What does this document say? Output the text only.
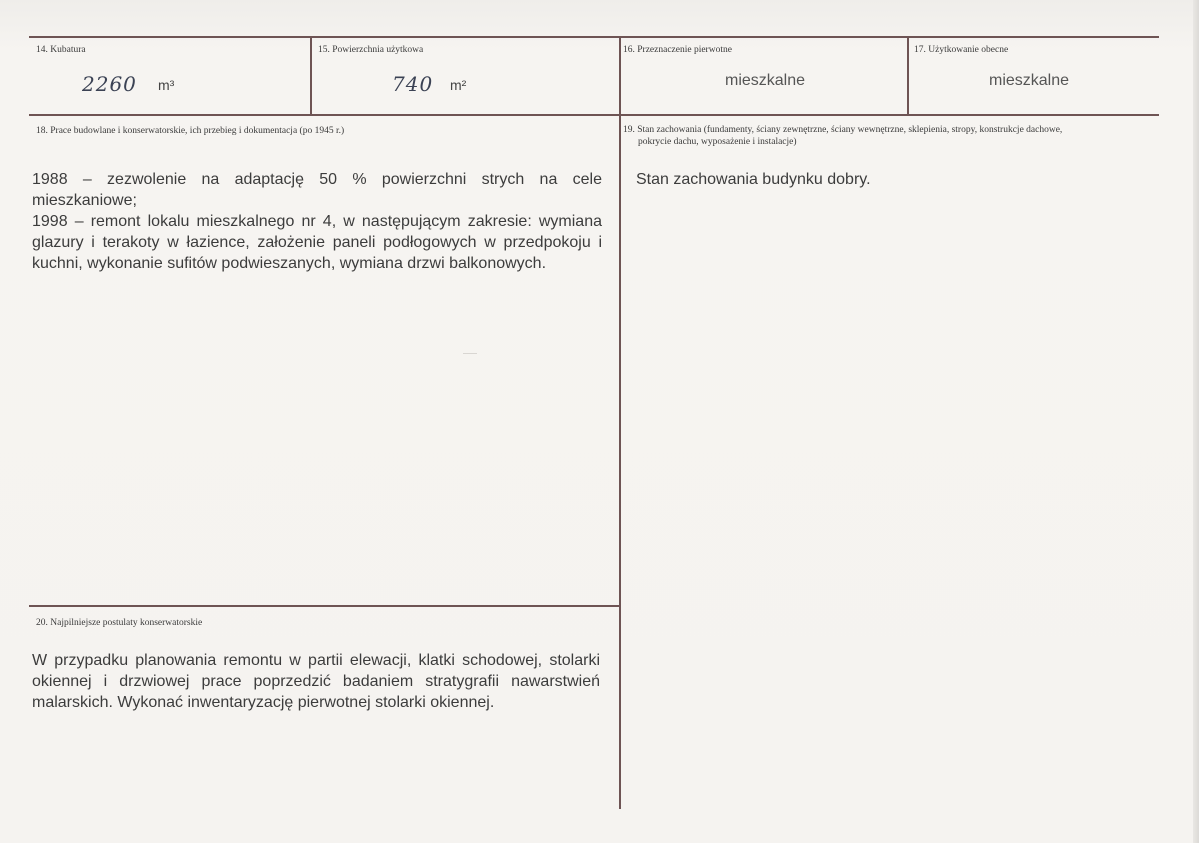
14. Kubatura
2260 m³
15. Powierzchnia użytkowa
740 m²
16. Przeznaczenie pierwotne
mieszkalne
17. Użytkowanie obecne
mieszkalne
18. Prace budowlane i konserwatorskie, ich przebieg i dokumentacja (po 1945 r.)
1988 – zezwolenie na adaptację 50 % powierzchni strych na cele mieszkaniowe;
1998 – remont lokalu mieszkalnego nr 4, w następującym zakresie: wymiana glazury i terakoty w łazience, założenie paneli podłogowych w przedpokoju i kuchni, wykonanie sufitów podwieszanych, wymiana drzwi balkonowych.
19. Stan zachowania (fundamenty, ściany zewnętrzne, ściany wewnętrzne, sklepienia, stropy, konstrukcje dachowe,
pokrycie dachu, wyposażenie i instalacje)
Stan zachowania budynku dobry.
20. Najpilniejsze postulaty konserwatorskie
W przypadku planowania remontu w partii elewacji, klatki schodowej, stolarki okiennej i drzwiowej prace poprzedzić badaniem stratygrafii nawarstwień malarskich. Wykonać inwentaryzację pierwotnej stolarki okiennej.
